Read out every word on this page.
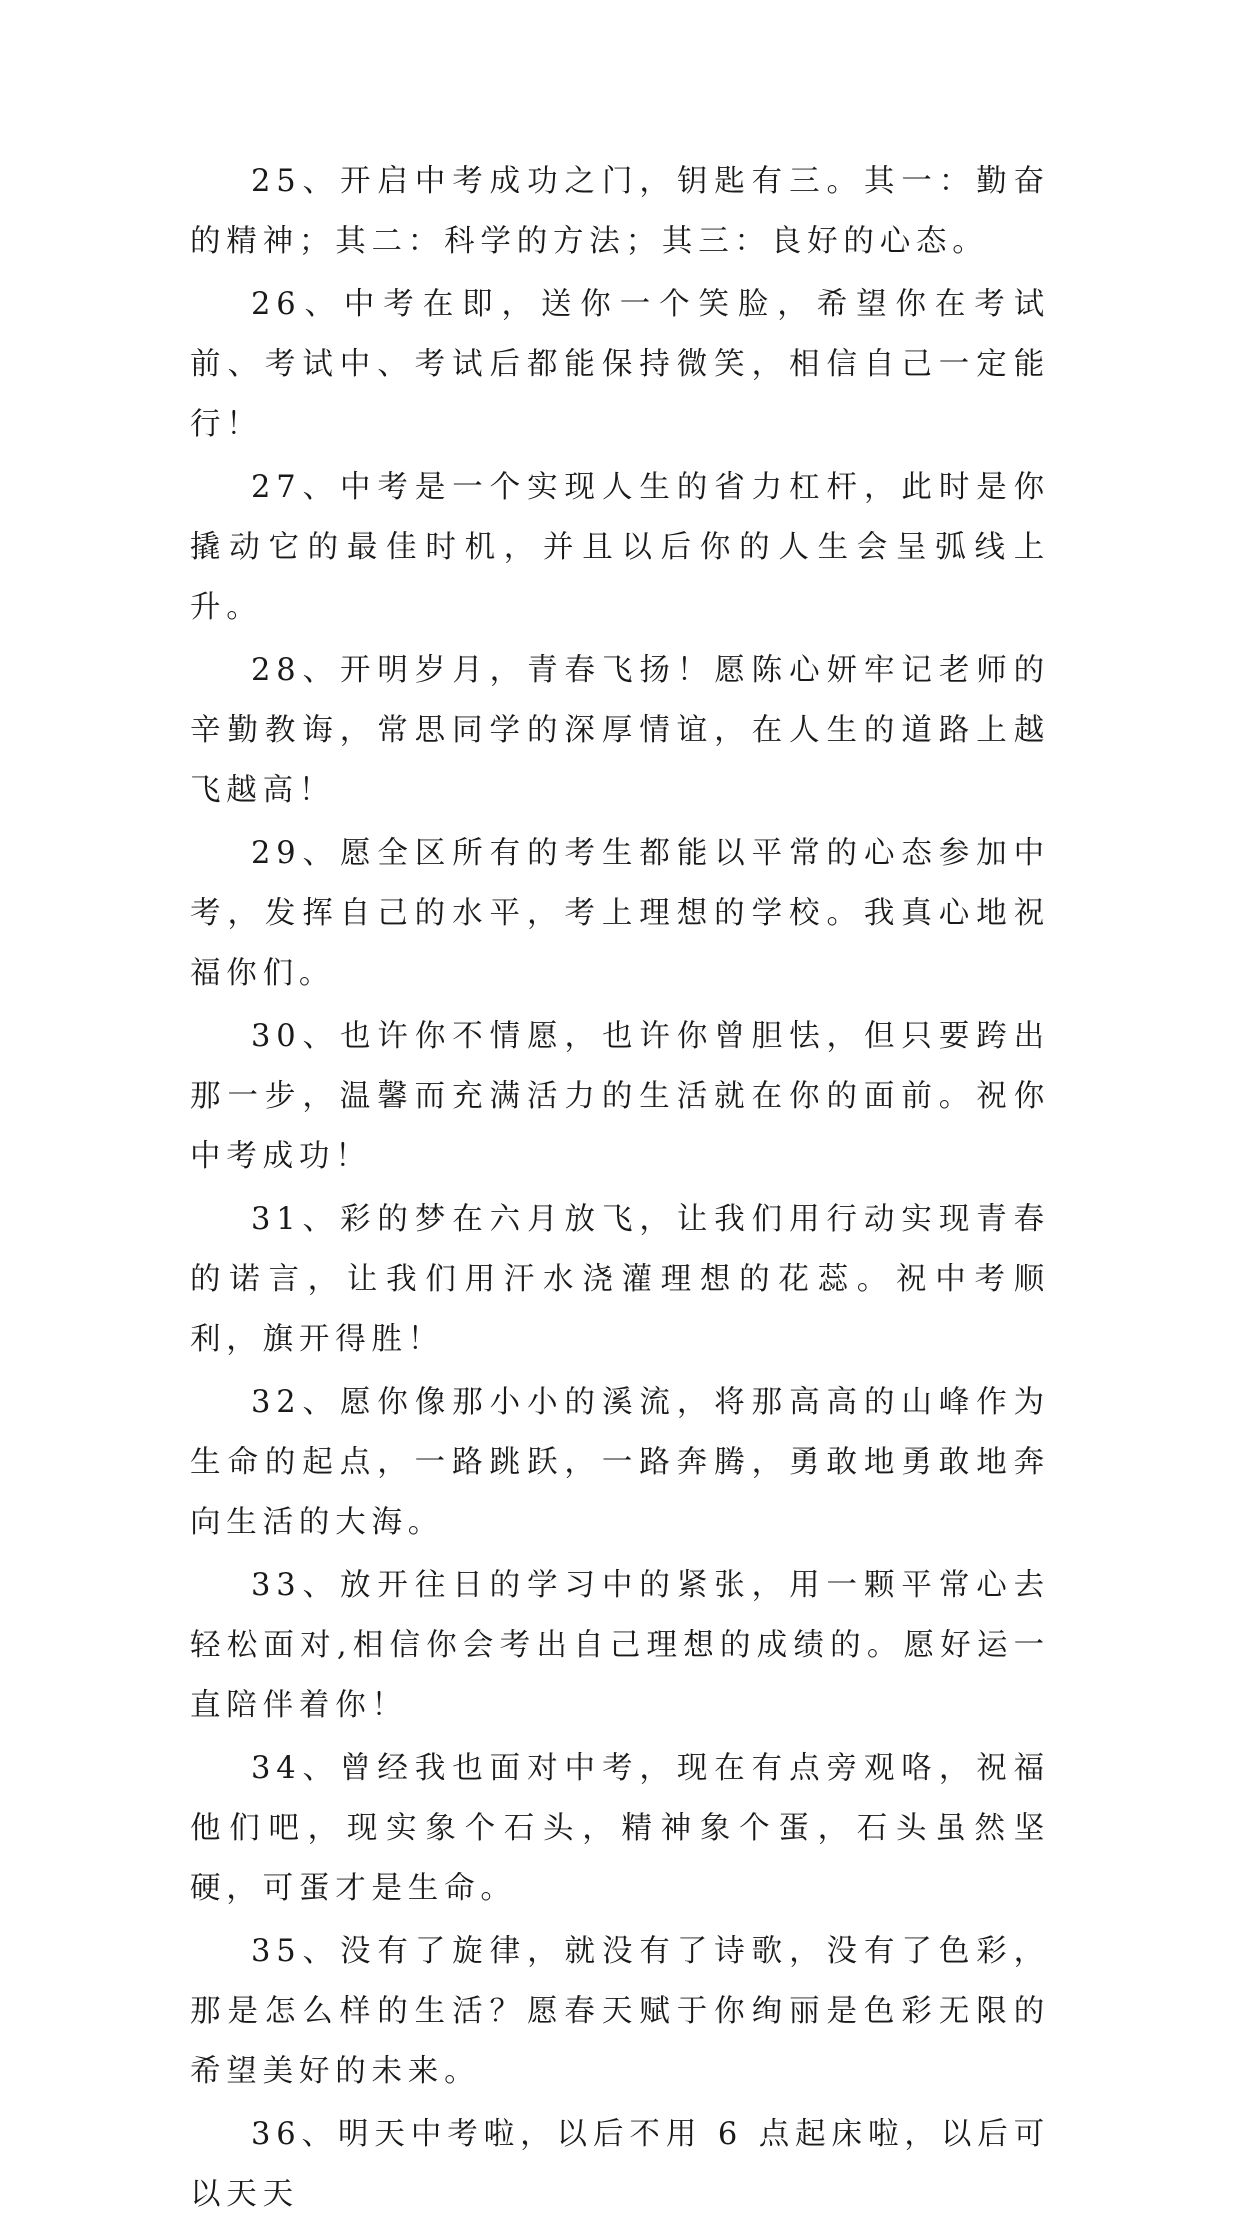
25、开启中考成功之门，钥匙有三。其一：勤奋的精神；其二：科学的方法；其三：良好的心态。

26、中考在即，送你一个笑脸，希望你在考试前、考试中、考试后都能保持微笑，相信自己一定能行！

27、中考是一个实现人生的省力杠杆，此时是你撬动它的最佳时机，并且以后你的人生会呈弧线上升。

28、开明岁月，青春飞扬！愿陈心妍牢记老师的辛勤教诲，常思同学的深厚情谊，在人生的道路上越飞越高！

29、愿全区所有的考生都能以平常的心态参加中考，发挥自己的水平，考上理想的学校。我真心地祝福你们。

30、也许你不情愿，也许你曾胆怯，但只要跨出那一步，温馨而充满活力的生活就在你的面前。祝你中考成功！

31、彩的梦在六月放飞，让我们用行动实现青春的诺言，让我们用汗水浇灌理想的花蕊。祝中考顺利，旗开得胜！

32、愿你像那小小的溪流，将那高高的山峰作为生命的起点，一路跳跃，一路奔腾，勇敢地勇敢地奔向生活的大海。

33、放开往日的学习中的紧张，用一颗平常心去轻松面对,相信你会考出自己理想的成绩的。愿好运一直陪伴着你！

34、曾经我也面对中考，现在有点旁观咯，祝福他们吧，现实象个石头，精神象个蛋，石头虽然坚硬，可蛋才是生命。

35、没有了旋律，就没有了诗歌，没有了色彩，那是怎么样的生活？愿春天赋于你绚丽是色彩无限的希望美好的未来。

36、明天中考啦，以后不用 6 点起床啦，以后可以天天
